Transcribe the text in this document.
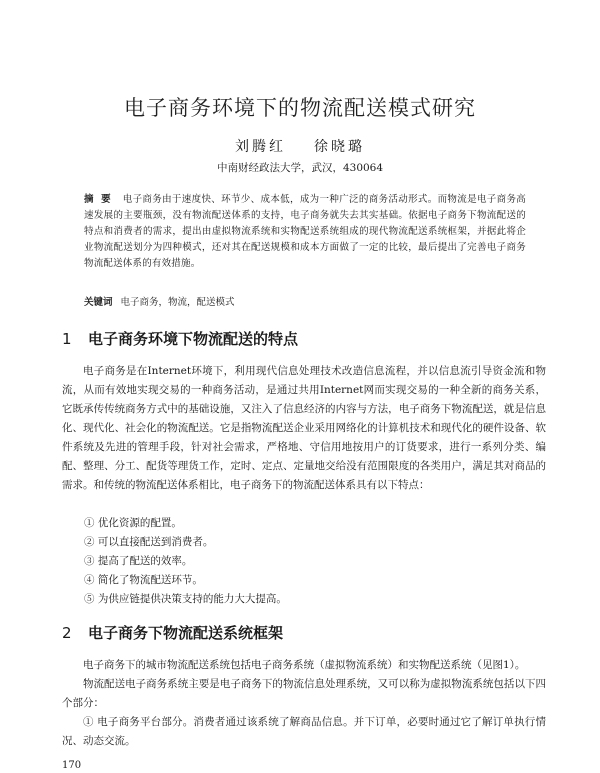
电子商务环境下的物流配送模式研究
刘腾红 徐晓璐
中南财经政法大学，武汉，430064
摘 要 电子商务由于速度快、环节少、成本低，成为一种广泛的商务活动形式。而物流是电子商务高速发展的主要瓶颈，没有物流配送体系的支持，电子商务就失去其实基础。依据电子商务下物流配送的特点和消费者的需求，提出由虚拟物流系统和实物配送系统组成的现代物流配送系统框架，并据此将企业物流配送划分为四种模式，还对其在配送规模和成本方面做了一定的比较，最后提出了完善电子商务物流配送体系的有效措施。
关键词 电子商务，物流，配送模式
1 电子商务环境下物流配送的特点

电子商务是在Internet环境下，利用现代信息处理技术改造信息流程，并以信息流引导资金流和物流，从而有效地实现交易的一种商务活动，是通过共用Internet网而实现交易的一种全新的商务关系，它既承传传统商务方式中的基础设施，又注入了信息经济的内容与方法，电子商务下物流配送，就是信息化、现代化、社会化的物流配送。它是指物流配送企业采用网络化的计算机技术和现代化的硬件设备、软件系统及先进的管理手段，针对社会需求，严格地、守信用地按用户的订货要求，进行一系列分类、编配、整理、分工、配货等理货工作，定时、定点、定量地交给没有范围限度的各类用户，满足其对商品的需求。和传统的物流配送体系相比，电子商务下的物流配送体系具有以下特点：

① 优化资源的配置。
② 可以直接配送到消费者。
③ 提高了配送的效率。
④ 简化了物流配送环节。
⑤ 为供应链提供决策支持的能力大大提高。
2 电子商务下物流配送系统框架

电子商务下的城市物流配送系统包括电子商务系统（虚拟物流系统）和实物配送系统（见图1）。

物流配送电子商务系统主要是电子商务下的物流信息处理系统，又可以称为虚拟物流系统包括以下四个部分：

① 电子商务平台部分。消费者通过该系统了解商品信息。并下订单，必要时通过它了解订单执行情况、动态交流。

170
